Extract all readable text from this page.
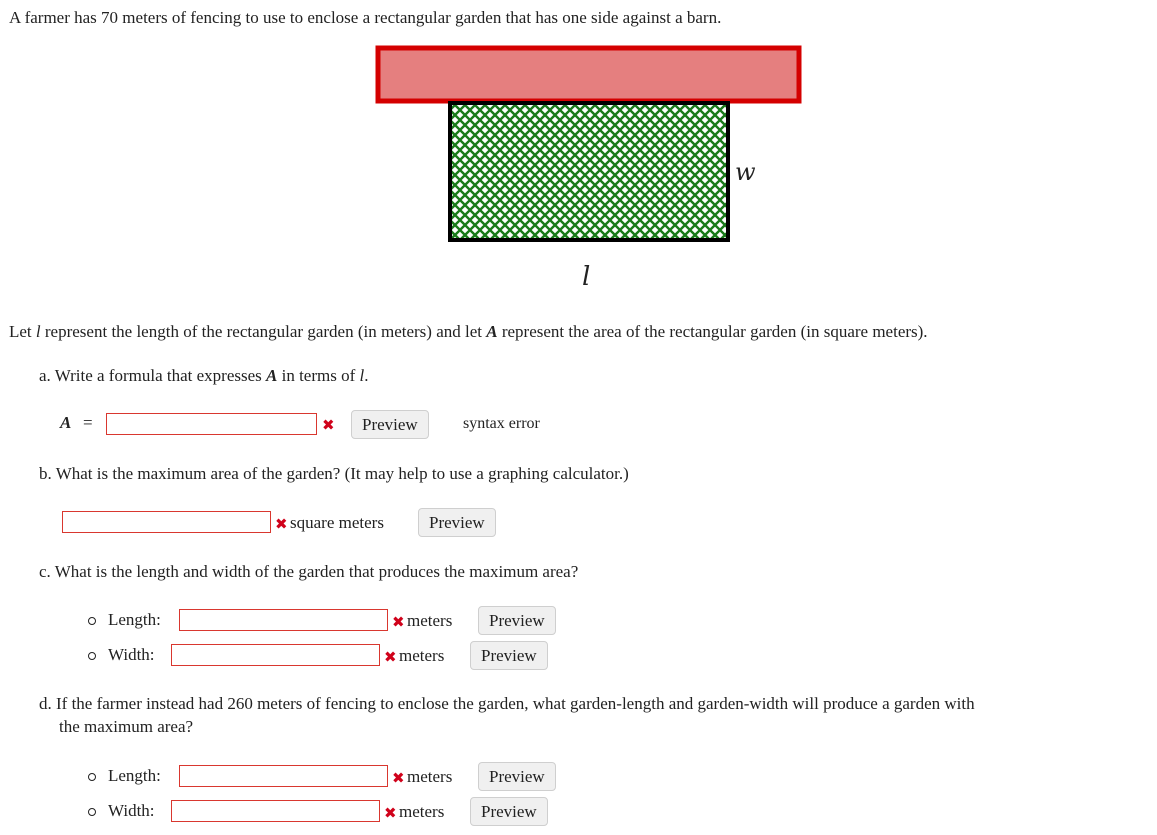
A farmer has 70 meters of fencing to use to enclose a rectangular garden that has one side against a barn.
w
l
Let l represent the length of the rectangular garden (in meters) and let A represent the area of the rectangular garden (in square meters).
a. Write a formula that expresses A in terms of l.
A =	✖	Preview	syntax error
b. What is the maximum area of the garden? (It may help to use a graphing calculator.)
✖ square meters	Preview
c. What is the length and width of the garden that produces the maximum area?
Length:	✖ meters	Preview
Width:	✖ meters	Preview
d. If the farmer instead had 260 meters of fencing to enclose the garden, what garden-length and garden-width will produce a garden with
the maximum area?
Length:	✖ meters	Preview
Width:	✖ meters	Preview
